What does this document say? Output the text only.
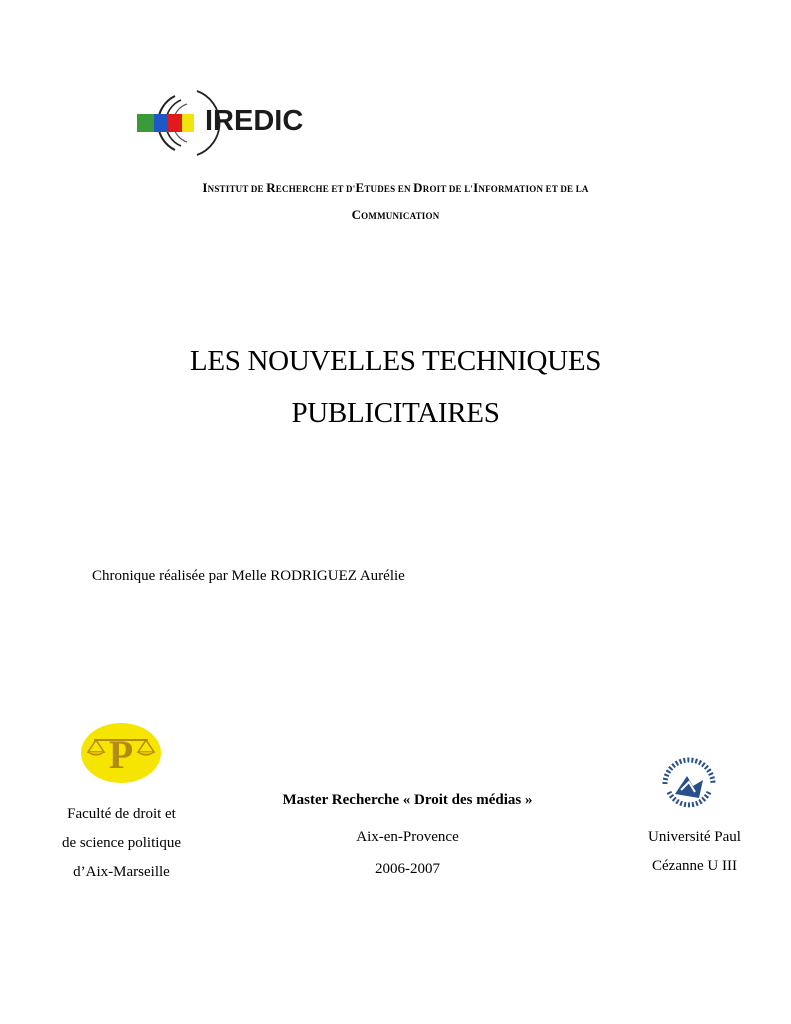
IREDIC
INSTITUT DE RECHERCHE ET D'ETUDES EN DROIT DE L'INFORMATION ET DE LA
COMMUNICATION
LES NOUVELLES TECHNIQUES
PUBLICITAIRES
Chronique réalisée par Melle RODRIGUEZ Aurélie
P
Faculté de droit et
de science politique
d’Aix-Marseille
Master Recherche « Droit des médias »
Aix-en-Provence
2006-2007
Université Paul
Cézanne U III
